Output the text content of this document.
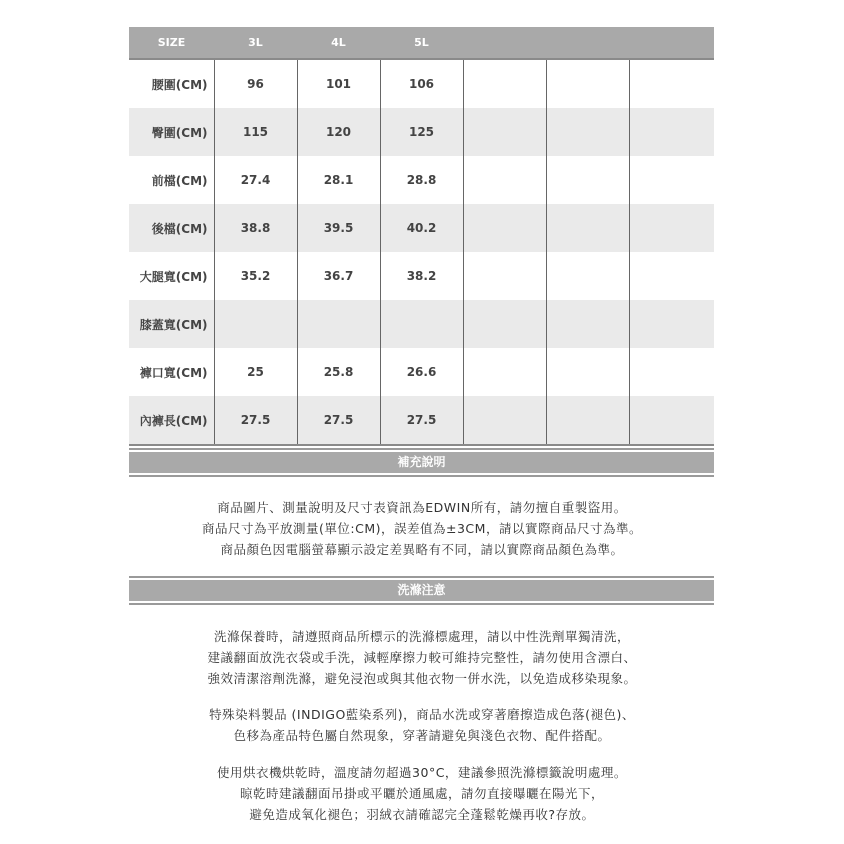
SIZE	3L	4L	5L			
腰圍(CM)	96	101	106			
臀圍(CM)	115	120	125			
前檔(CM)	27.4	28.1	28.8			
後檔(CM)	38.8	39.5	40.2			
大腿寬(CM)	35.2	36.7	38.2			
膝蓋寬(CM)						
褲口寬(CM)	25	25.8	26.6			
內褲長(CM)	27.5	27.5	27.5			
補充說明

商品圖片、測量說明及尺寸表資訊為EDWIN所有，請勿擅自重製盜用。

商品尺寸為平放測量(單位:CM)，誤差值為±3CM，請以實際商品尺寸為準。

商品顏色因電腦螢幕顯示設定差異略有不同，請以實際商品顏色為準。

洗滌注意

洗滌保養時，請遵照商品所標示的洗滌標處理，請以中性洗劑單獨清洗，

建議翻面放洗衣袋或手洗，減輕摩擦力較可維持完整性，請勿使用含漂白、

強效清潔溶劑洗滌，避免浸泡或與其他衣物一併水洗，以免造成移染現象。

特殊染料製品 (INDIGO藍染系列)，商品水洗或穿著磨擦造成色落(褪色)、

色移為產品特色屬自然現象，穿著請避免與淺色衣物、配件搭配。

使用烘衣機烘乾時，溫度請勿超過30°C，建議參照洗滌標籤說明處理。

晾乾時建議翻面吊掛或平曬於通風處，請勿直接曝曬在陽光下，

避免造成氧化褪色；羽絨衣請確認完全蓬鬆乾燥再收?存放。
